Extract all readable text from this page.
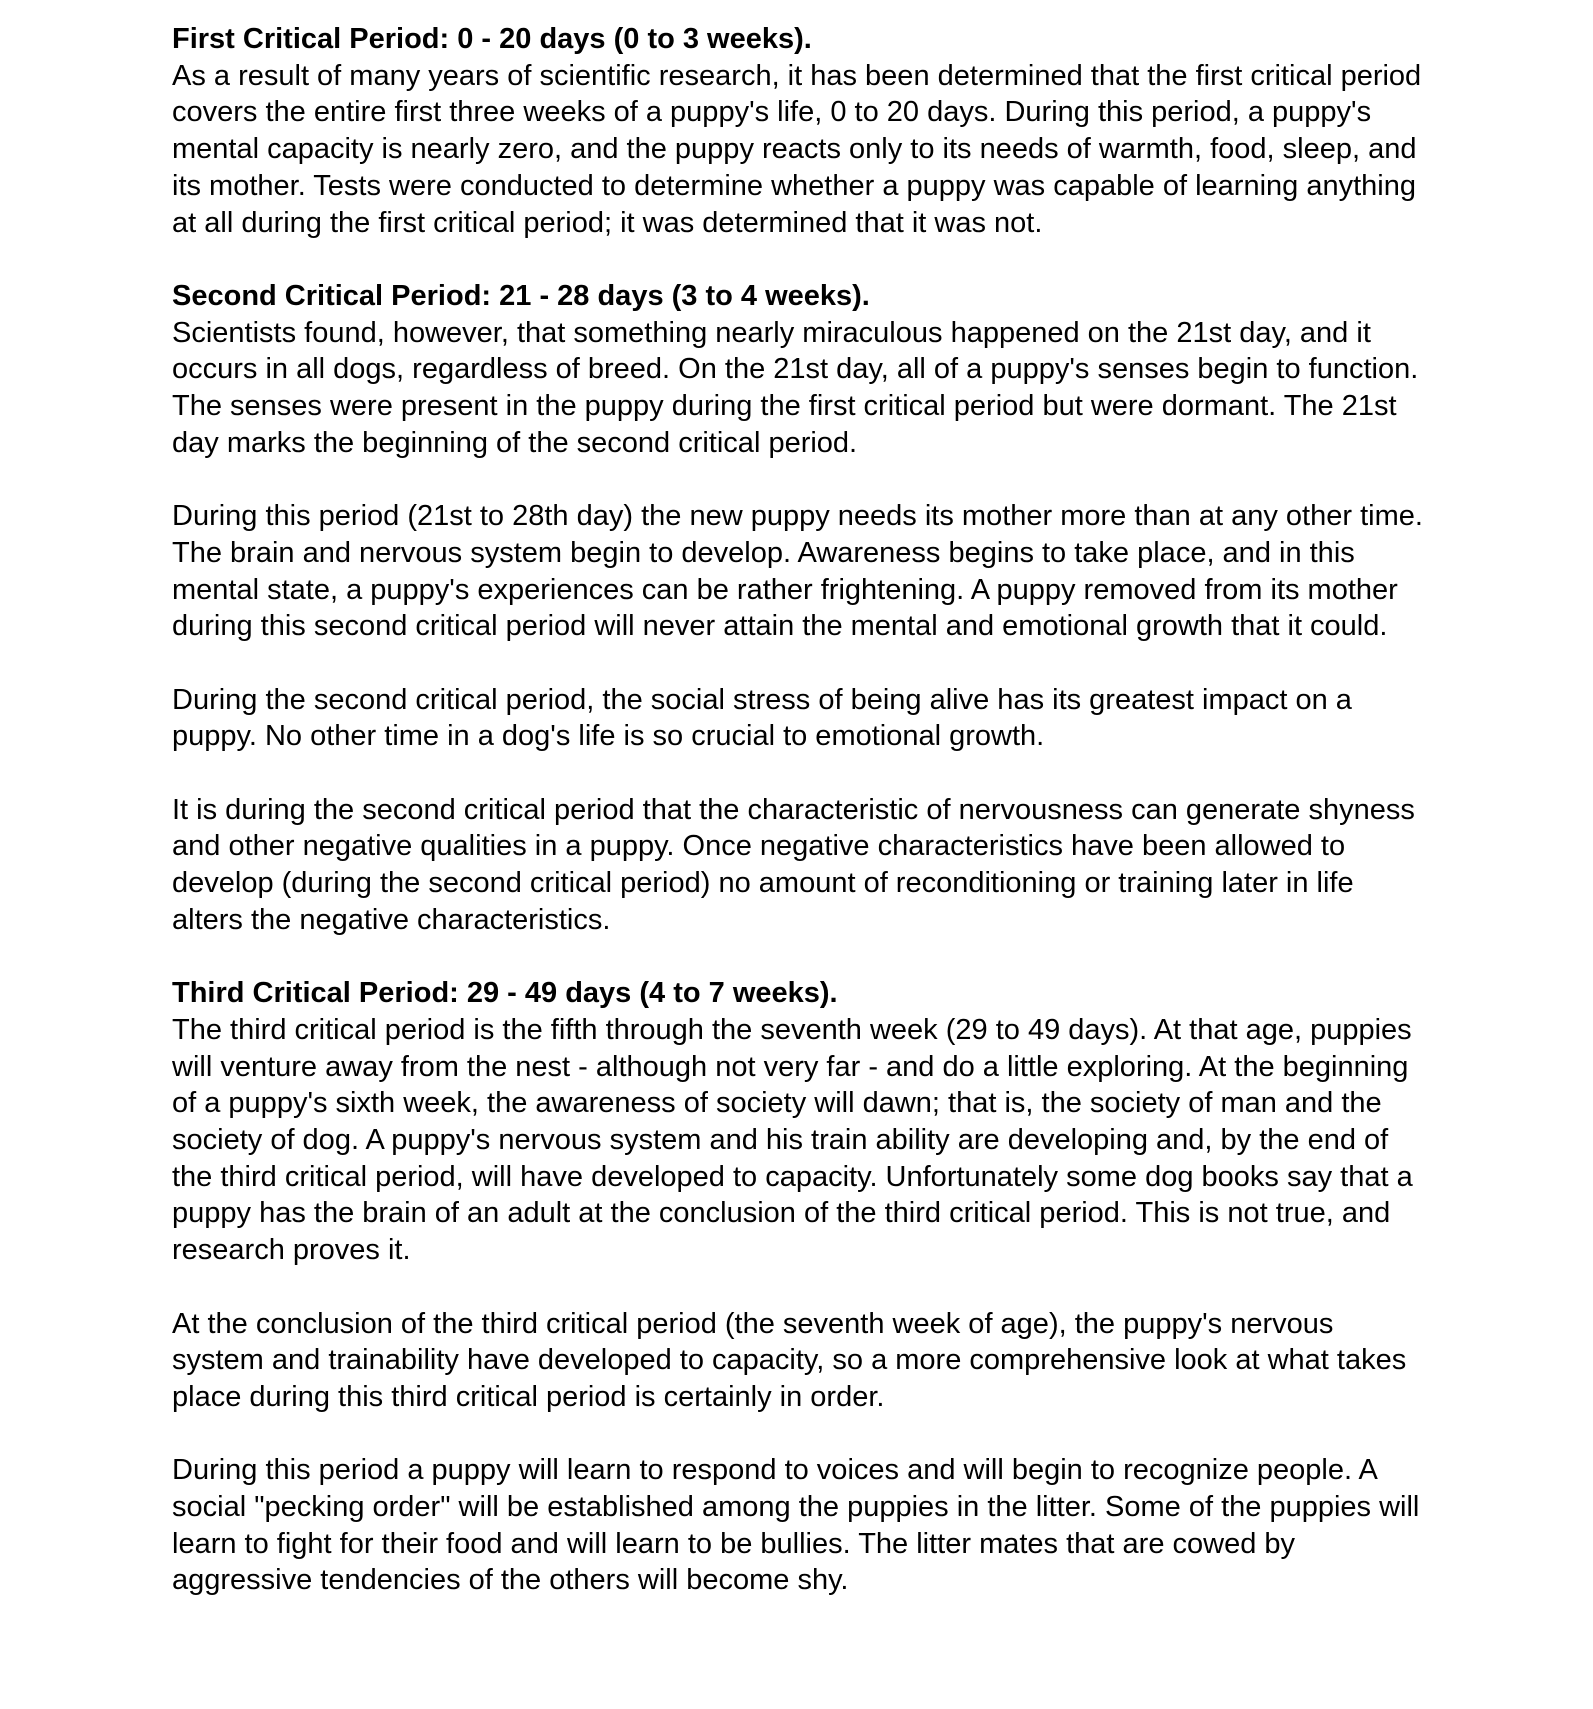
First Critical Period: 0 - 20 days (0 to 3 weeks).

As a result of many years of scientific research, it has been determined that the first critical period covers the entire first three weeks of a puppy's life, 0 to 20 days. During this period, a puppy's mental capacity is nearly zero, and the puppy reacts only to its needs of warmth, food, sleep, and its mother. Tests were conducted to determine whether a puppy was capable of learning anything at all during the first critical period; it was determined that it was not.

Second Critical Period: 21 - 28 days (3 to 4 weeks).

Scientists found, however, that something nearly miraculous happened on the 21st day, and it occurs in all dogs, regardless of breed. On the 21st day, all of a puppy's senses begin to function. The senses were present in the puppy during the first critical period but were dormant. The 21st day marks the beginning of the second critical period.

During this period (21st to 28th day) the new puppy needs its mother more than at any other time. The brain and nervous system begin to develop. Awareness begins to take place, and in this mental state, a puppy's experiences can be rather frightening. A puppy removed from its mother during this second critical period will never attain the mental and emotional growth that it could.

During the second critical period, the social stress of being alive has its greatest impact on a puppy. No other time in a dog's life is so crucial to emotional growth.

It is during the second critical period that the characteristic of nervousness can generate shyness and other negative qualities in a puppy. Once negative characteristics have been allowed to develop (during the second critical period) no amount of reconditioning or training later in life alters the negative characteristics.

Third Critical Period: 29 - 49 days (4 to 7 weeks).

The third critical period is the fifth through the seventh week (29 to 49 days). At that age, puppies will venture away from the nest - although not very far - and do a little exploring. At the beginning of a puppy's sixth week, the awareness of society will dawn; that is, the society of man and the society of dog. A puppy's nervous system and his train ability are developing and, by the end of the third critical period, will have developed to capacity. Unfortunately some dog books say that a puppy has the brain of an adult at the conclusion of the third critical period. This is not true, and research proves it.

At the conclusion of the third critical period (the seventh week of age), the puppy's nervous system and trainability have developed to capacity, so a more comprehensive look at what takes place during this third critical period is certainly in order.

During this period a puppy will learn to respond to voices and will begin to recognize people. A social "pecking order" will be established among the puppies in the litter. Some of the puppies will learn to fight for their food and will learn to be bullies. The litter mates that are cowed by aggressive tendencies of the others will become shy.
